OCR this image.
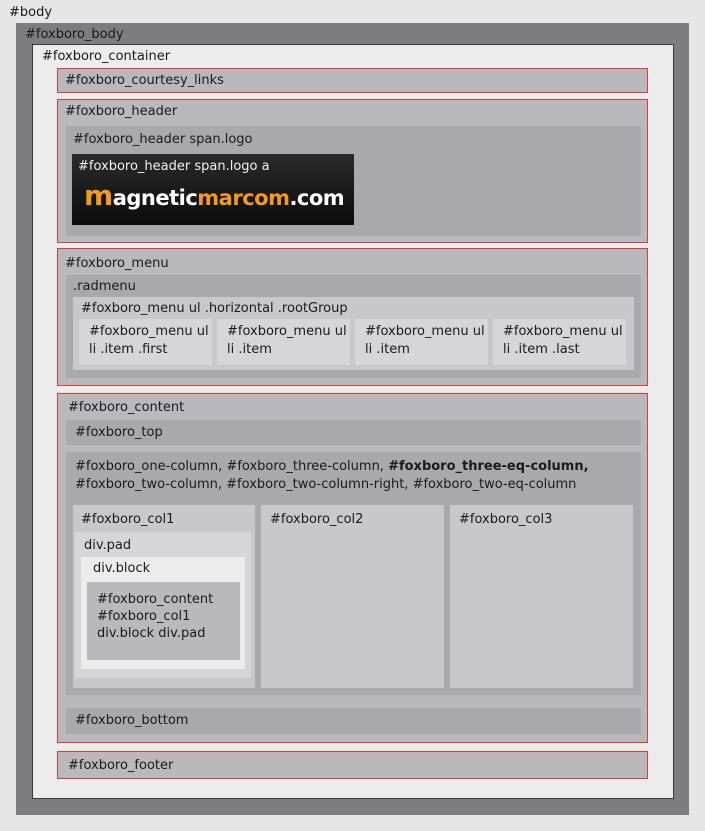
#body
#foxboro_body
#foxboro_container
#foxboro_courtesy_links
#foxboro_header
#foxboro_header span.logo
#foxboro_header span.logo a
magneticmarcom.com
#foxboro_menu
.radmenu
#foxboro_menu ul .horizontal .rootGroup
#foxboro_menu ul
li .item .first
#foxboro_menu ul
li .item
#foxboro_menu ul
li .item
#foxboro_menu ul
li .item .last
#foxboro_content
#foxboro_top
#foxboro_one-column, #foxboro_three-column, #foxboro_three-eq-column,
#foxboro_two-column, #foxboro_two-column-right, #foxboro_two-eq-column
#foxboro_col1
div.pad
div.block
#foxboro_content
#foxboro_col1
div.block div.pad
#foxboro_col2	#foxboro_col3
#foxboro_bottom
#foxboro_footer
